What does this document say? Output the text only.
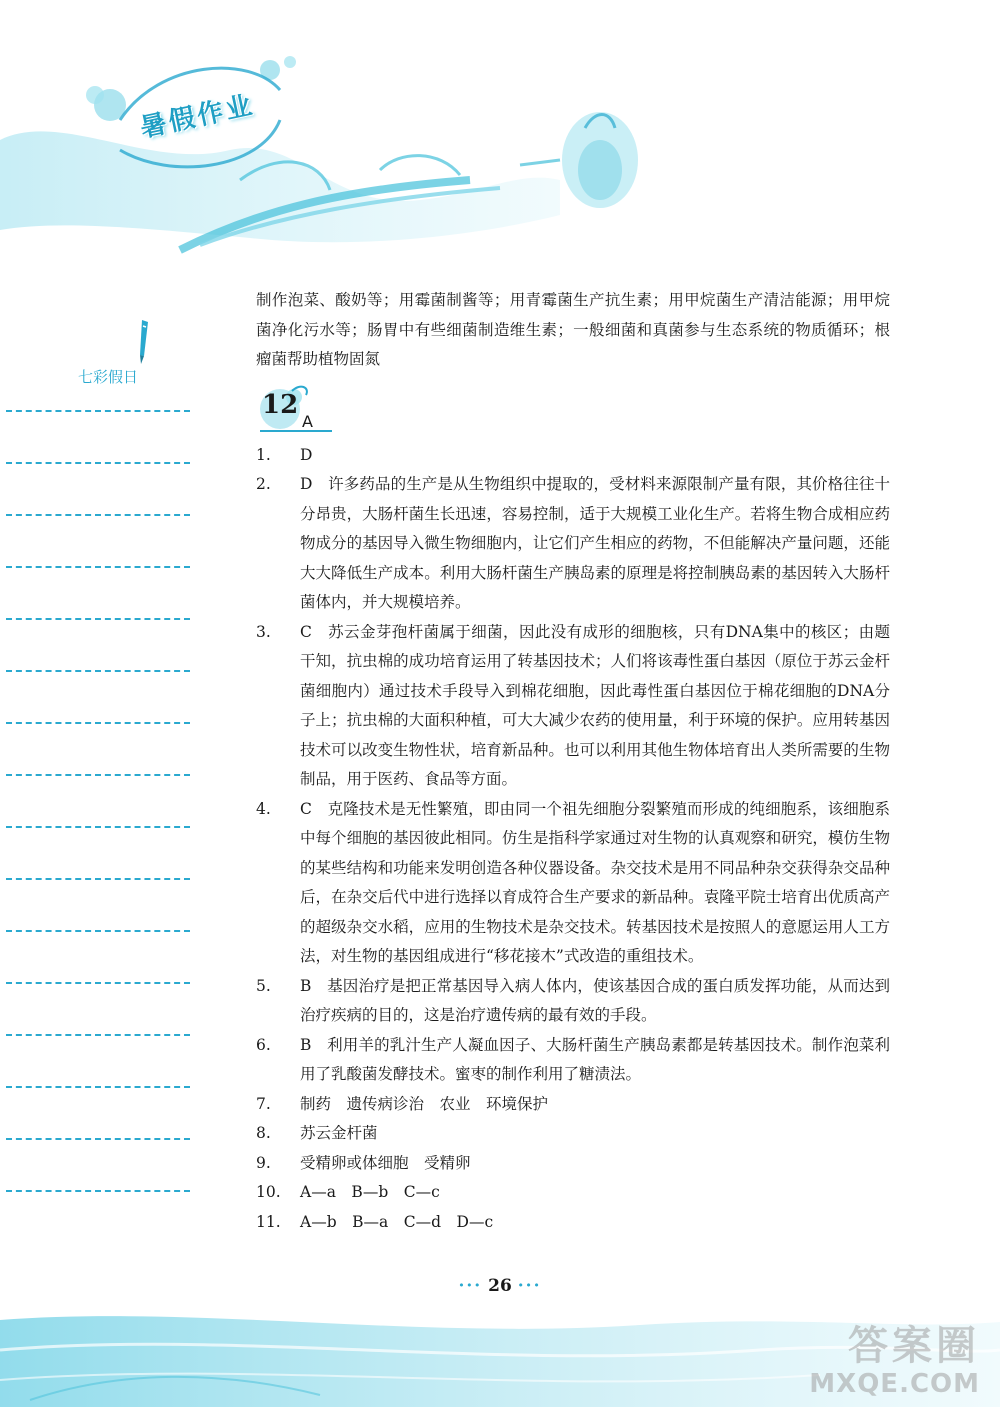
暑假作业
七彩假日
制作泡菜、酸奶等；用霉菌制酱等；用青霉菌生产抗生素；用甲烷菌生产清洁能源；用甲烷菌净化污水等；肠胃中有些细菌制造维生素；一般细菌和真菌参与生态系统的物质循环；根瘤菌帮助植物固氮
12
A
1.	D
2.	D　许多药品的生产是从生物组织中提取的，受材料来源限制产量有限，其价格往往十分昂贵，大肠杆菌生长迅速，容易控制，适于大规模工业化生产。若将生物合成相应药物成分的基因导入微生物细胞内，让它们产生相应的药物，不但能解决产量问题，还能大大降低生产成本。利用大肠杆菌生产胰岛素的原理是将控制胰岛素的基因转入大肠杆菌体内，并大规模培养。
3.	C　苏云金芽孢杆菌属于细菌，因此没有成形的细胞核，只有DNA集中的核区；由题干知，抗虫棉的成功培育运用了转基因技术；人们将该毒性蛋白基因（原位于苏云金杆菌细胞内）通过技术手段导入到棉花细胞，因此毒性蛋白基因位于棉花细胞的DNA分子上；抗虫棉的大面积种植，可大大减少农药的使用量，利于环境的保护。应用转基因技术可以改变生物性状，培育新品种。也可以利用其他生物体培育出人类所需要的生物制品，用于医药、食品等方面。
4.	C　克隆技术是无性繁殖，即由同一个祖先细胞分裂繁殖而形成的纯细胞系，该细胞系中每个细胞的基因彼此相同。仿生是指科学家通过对生物的认真观察和研究，模仿生物的某些结构和功能来发明创造各种仪器设备。杂交技术是用不同品种杂交获得杂交品种后，在杂交后代中进行选择以育成符合生产要求的新品种。袁隆平院士培育出优质高产的超级杂交水稻，应用的生物技术是杂交技术。转基因技术是按照人的意愿运用人工方法，对生物的基因组成进行“移花接木”式改造的重组技术。
5.	B　基因治疗是把正常基因导入病人体内，使该基因合成的蛋白质发挥功能，从而达到治疗疾病的目的，这是治疗遗传病的最有效的手段。
6.	B　利用羊的乳汁生产人凝血因子、大肠杆菌生产胰岛素都是转基因技术。制作泡菜利用了乳酸菌发酵技术。蜜枣的制作利用了糖渍法。
7.	制药　遗传病诊治　农业　环境保护
8.	苏云金杆菌
9.	受精卵或体细胞　受精卵
10.	A—a　B—b　C—c
11.	A—b　B—a　C—d　D—c
··· 26 ···
答案圈
MXQE.COM
